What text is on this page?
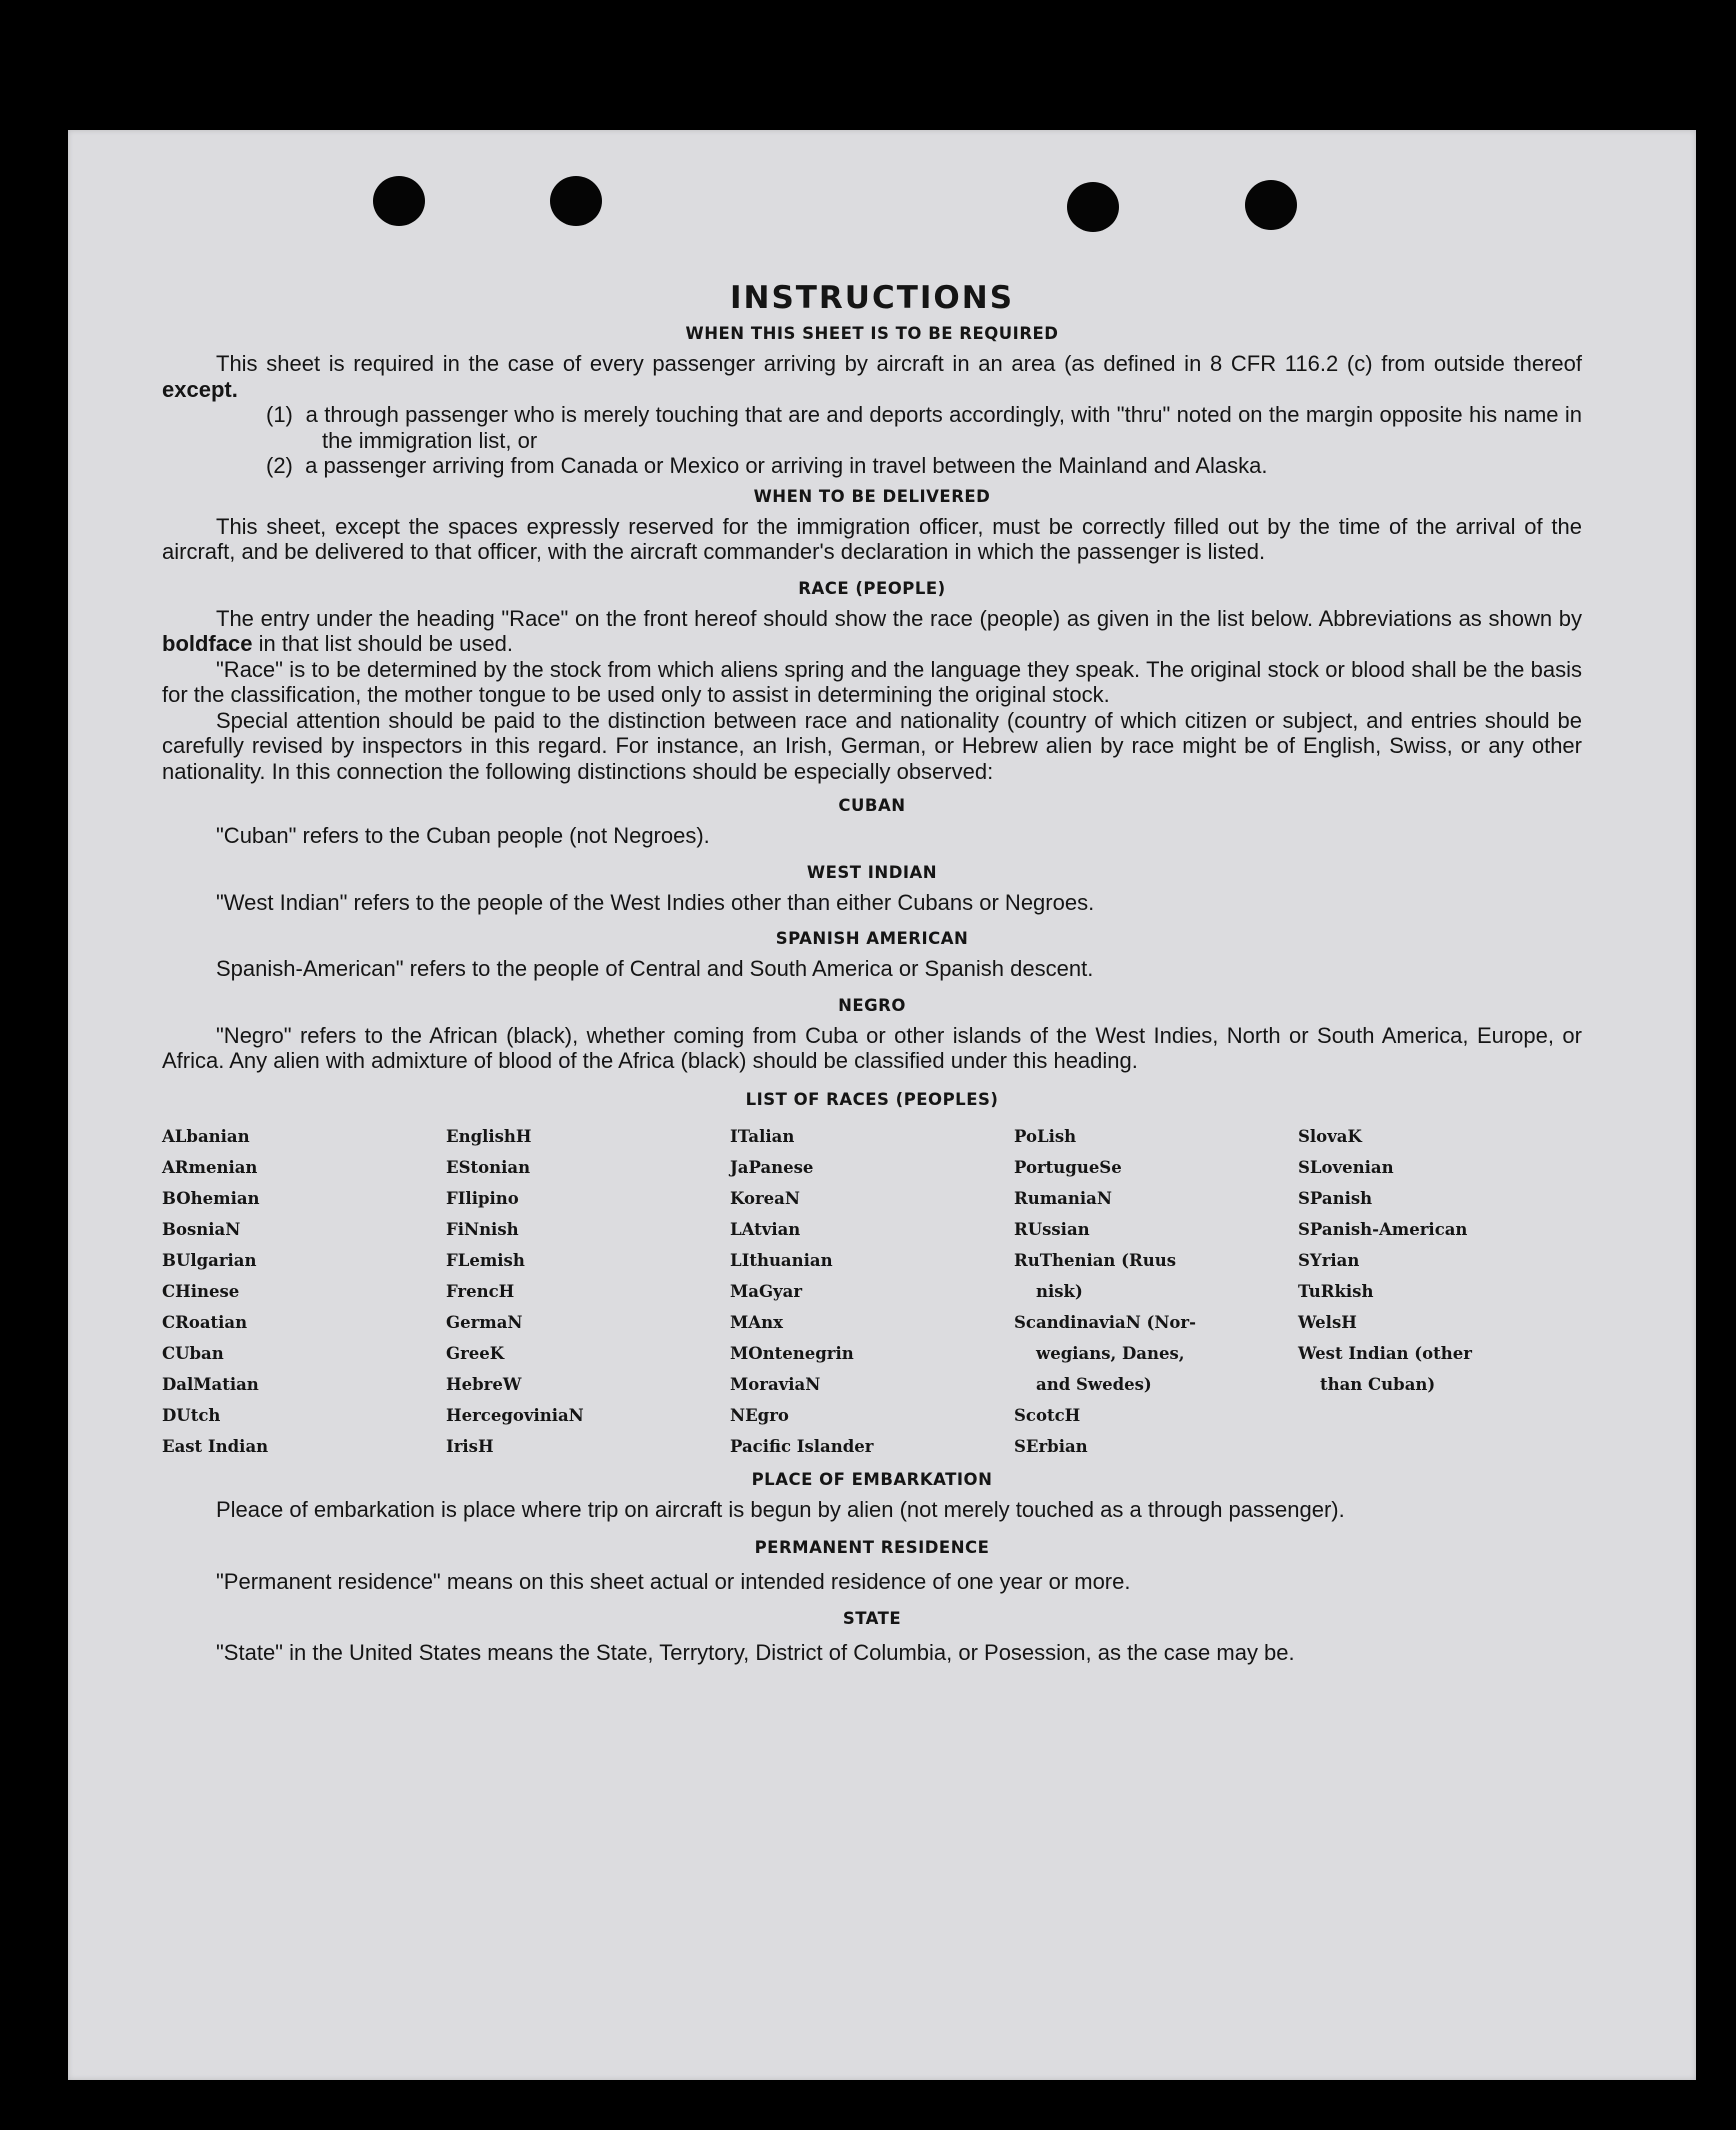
INSTRUCTIONS
WHEN THIS SHEET IS TO BE REQUIRED

This sheet is required in the case of every passenger arriving by aircraft in an area (as defined in 8 CFR 116.2 (c) from outside thereof except.

(1)  a through passenger who is merely touching that are and deports accordingly, with "thru" noted on the margin opposite his name in the immigration list, or

(2)  a passenger arriving from Canada or Mexico or arriving in travel between the Mainland and Alaska.

WHEN TO BE DELIVERED

This sheet, except the spaces expressly reserved for the immigration officer, must be correctly filled out by the time of the arrival of the aircraft, and be delivered to that officer, with the aircraft commander's declaration in which the passenger is listed.

RACE (PEOPLE)

The entry under the heading "Race" on the front hereof should show the race (people) as given in the list below. Abbreviations as shown by boldface in that list should be used.

"Race" is to be determined by the stock from which aliens spring and the language they speak. The original stock or blood shall be the basis for the classification, the mother tongue to be used only to assist in determining the original stock.

Special attention should be paid to the distinction between race and nationality (country of which citizen or subject, and entries should be carefully revised by inspectors in this regard. For instance, an Irish, German, or Hebrew alien by race might be of English, Swiss, or any other nationality. In this connection the following distinctions should be especially observed:

CUBAN

"Cuban" refers to the Cuban people (not Negroes).

WEST INDIAN

"West Indian" refers to the people of the West Indies other than either Cubans or Negroes.

SPANISH AMERICAN

Spanish-American" refers to the people of Central and South America or Spanish descent.

NEGRO

"Negro" refers to the African (black), whether coming from Cuba or other islands of the West Indies, North or South America, Europe, or Africa. Any alien with admixture of blood of the Africa (black) should be classified under this heading.

LIST OF RACES (PEOPLES)
ALbanian
ARmenian
BOhemian
BosniaN
BUlgarian
CHinese
CRoatian
CUban
DalMatian
DUtch
East Indian
EnglishH
EStonian
FIlipino
FiNnish
FLemish
FrencH
GermaN
GreeK
HebreW
HercegoviniaN
IrisH
ITalian
JaPanese
KoreaN
LAtvian
LIthuanian
MaGyar
MAnx
MOntenegrin
MoraviaN
NEgro
Pacific Islander
PoLish
PortugueSe
RumaniaN
RUssian
RuThenian (Ruus
nisk)
ScandinaviaN (Nor-
wegians, Danes,
and Swedes)
ScotcH
SErbian
SlovaK
SLovenian
SPanish
SPanish-American
SYrian
TuRkish
WelsH
West Indian (other
than Cuban)
PLACE OF EMBARKATION

Pleace of embarkation is place where trip on aircraft is begun by alien (not merely touched as a through passenger).

PERMANENT RESIDENCE

"Permanent residence" means on this sheet actual or intended residence of one year or more.

STATE

"State" in the United States means the State, Terrytory, District of Columbia, or Posession, as the case may be.
